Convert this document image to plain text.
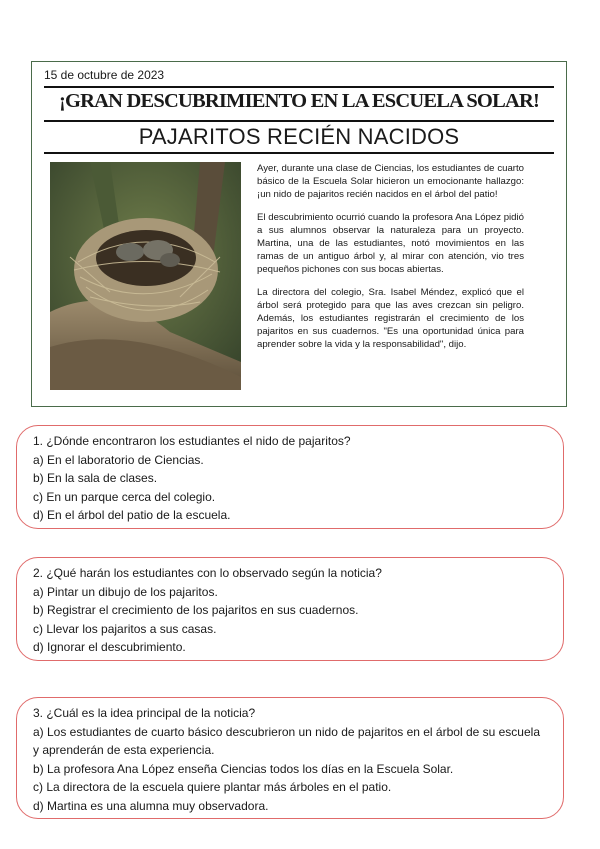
15 de octubre de 2023
¡GRAN DESCUBRIMIENTO EN LA ESCUELA SOLAR!
PAJARITOS RECIÉN NACIDOS

Ayer, durante una clase de Ciencias, los estudiantes de cuarto básico de la Escuela Solar hicieron un emocionante hallazgo: ¡un nido de pajaritos recién nacidos en el árbol del patio!

El descubrimiento ocurrió cuando la profesora Ana López pidió a sus alumnos observar la naturaleza para un proyecto. Martina, una de las estudiantes, notó movimientos en las ramas de un antiguo árbol y, al mirar con atención, vio tres pequeños pichones con sus bocas abiertas.

La directora del colegio, Sra. Isabel Méndez, explicó que el árbol será protegido para que las aves crezcan sin peligro. Además, los estudiantes registrarán el crecimiento de los pajaritos en sus cuadernos. "Es una oportunidad única para aprender sobre la vida y la responsabilidad", dijo.

1. ¿Dónde encontraron los estudiantes el nido de pajaritos?
a) En el laboratorio de Ciencias.
b) En la sala de clases.
c) En un parque cerca del colegio.
d) En el árbol del patio de la escuela.
2. ¿Qué harán los estudiantes con lo observado según la noticia?
a) Pintar un dibujo de los pajaritos.
b) Registrar el crecimiento de los pajaritos en sus cuadernos.
c) Llevar los pajaritos a sus casas.
d) Ignorar el descubrimiento.
3. ¿Cuál es la idea principal de la noticia?
a) Los estudiantes de cuarto básico descubrieron un nido de pajaritos en el árbol de su escuela y aprenderán de esta experiencia.
b) La profesora Ana López enseña Ciencias todos los días en la Escuela Solar.
c) La directora de la escuela quiere plantar más árboles en el patio.
d) Martina es una alumna muy observadora.
